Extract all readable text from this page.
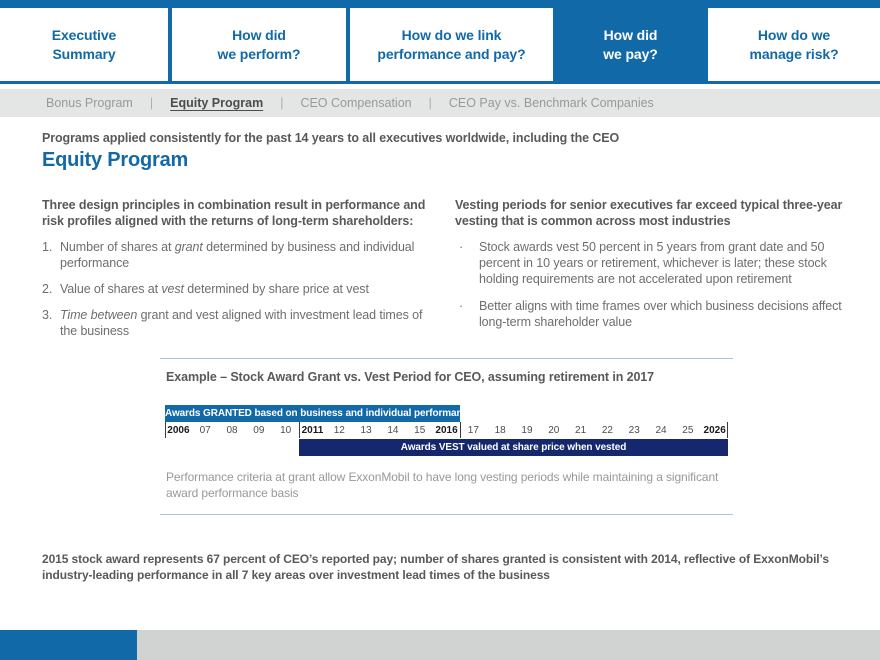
Executive
Summary
How did
we perform?
How do we link
performance and pay?
How did
we pay?
How do we
manage risk?
Bonus Program | Equity Program | CEO Compensation | CEO Pay vs. Benchmark Companies

Programs applied consistently for the past 14 years to all executives worldwide, including the CEO

Equity Program

Three design principles in combination result in performance and risk profiles aligned with the returns of long-term shareholders:

1. Number of shares at grant determined by business and individual performance
2. Value of shares at vest determined by share price at vest
3. Time between grant and vest aligned with investment lead times of the business

Vesting periods for senior executives far exceed typical three-year vesting that is common across most industries

·	Stock awards vest 50 percent in 5 years from grant date and 50 percent in 10 years or retirement, whichever is later; these stock holding requirements are not accelerated upon retirement
·	Better aligns with time frames over which business decisions affect long-term shareholder value

Example – Stock Award Grant vs. Vest Period for CEO, assuming retirement in 2017

Awards GRANTED based on business and individual performance
2006	07	08	09	10	2011	12	13	14	15	2016	17	18	19	20	21	22	23	24	25	2026
Awards VEST valued at share price when vested

Performance criteria at grant allow ExxonMobil to have long vesting periods while maintaining a significant award performance basis

2015 stock award represents 67 percent of CEO’s reported pay; number of shares granted is consistent with 2014, reflective of ExxonMobil’s industry-leading performance in all 7 key areas over investment lead times of the business
